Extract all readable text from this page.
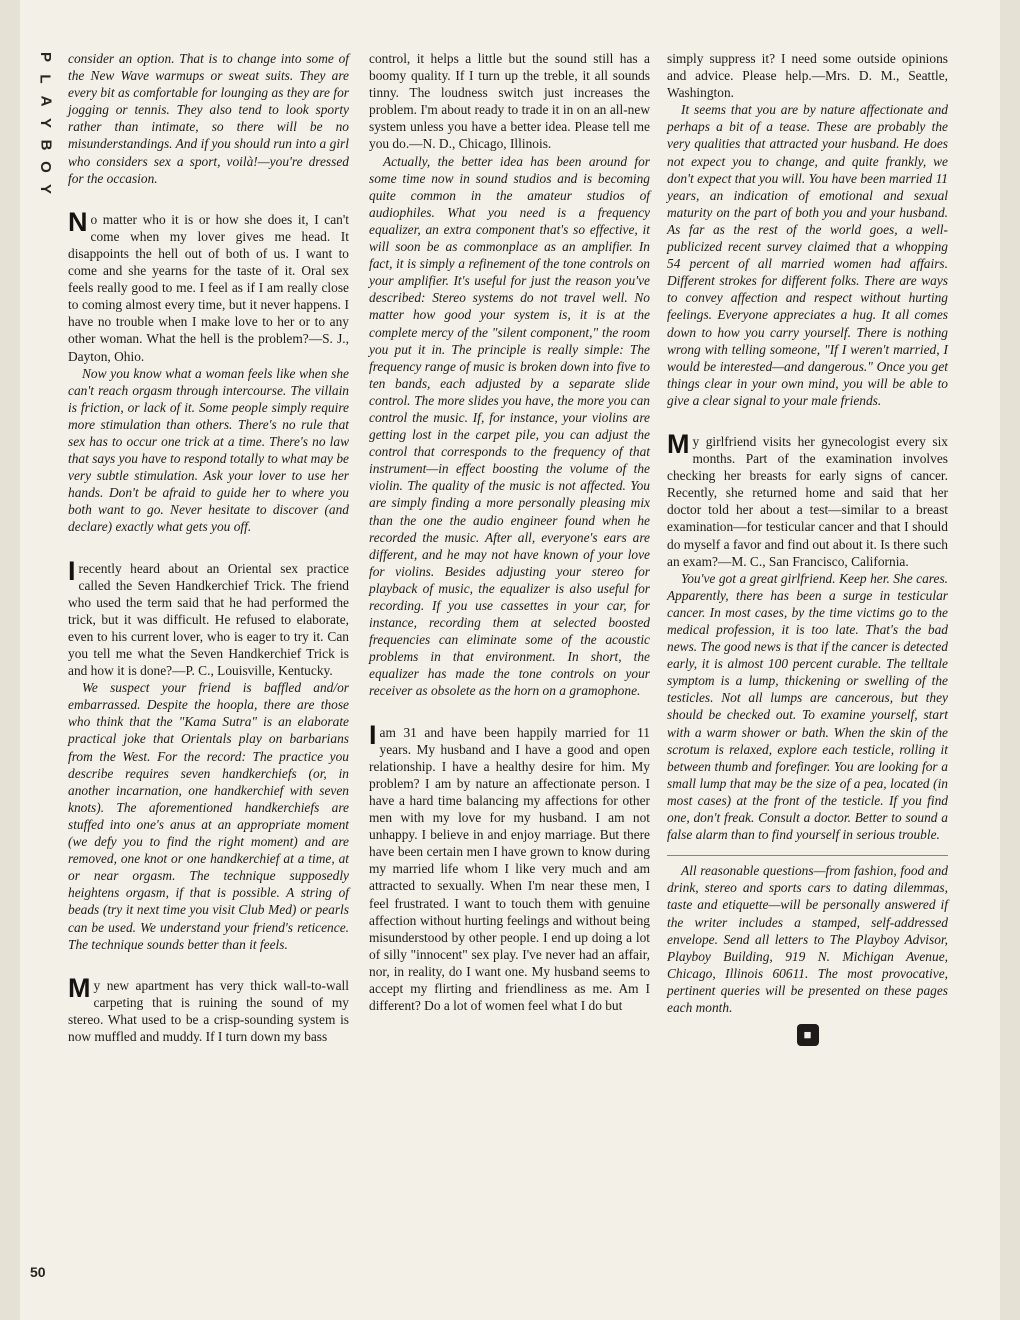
P
L
A
Y
B
O
Y
50

consider an option. That is to change into some of the New Wave warmups or sweat suits. They are every bit as comfortable for lounging as they are for jogging or tennis. They also tend to look sporty rather than intimate, so there will be no misunderstandings. And if you should run into a girl who considers sex a sport, voilà!—you're dressed for the occasion.

No matter who it is or how she does it, I can't come when my lover gives me head. It disappoints the hell out of both of us. I want to come and she yearns for the taste of it. Oral sex feels really good to me. I feel as if I am really close to coming almost every time, but it never happens. I have no trouble when I make love to her or to any other woman. What the hell is the problem?—S. J., Dayton, Ohio.

Now you know what a woman feels like when she can't reach orgasm through intercourse. The villain is friction, or lack of it. Some people simply require more stimulation than others. There's no rule that sex has to occur one trick at a time. There's no law that says you have to respond totally to what may be very subtle stimulation. Ask your lover to use her hands. Don't be afraid to guide her to where you both want to go. Never hesitate to discover (and declare) exactly what gets you off.

I recently heard about an Oriental sex practice called the Seven Handkerchief Trick. The friend who used the term said that he had performed the trick, but it was difficult. He refused to elaborate, even to his current lover, who is eager to try it. Can you tell me what the Seven Handkerchief Trick is and how it is done?—P. C., Louisville, Kentucky.

We suspect your friend is baffled and/or embarrassed. Despite the hoopla, there are those who think that the "Kama Sutra" is an elaborate practical joke that Orientals play on barbarians from the West. For the record: The practice you describe requires seven handkerchiefs (or, in another incarnation, one handkerchief with seven knots). The aforementioned handkerchiefs are stuffed into one's anus at an appropriate moment (we defy you to find the right moment) and are removed, one knot or one handkerchief at a time, at or near orgasm. The technique supposedly heightens orgasm, if that is possible. A string of beads (try it next time you visit Club Med) or pearls can be used. We understand your friend's reticence. The technique sounds better than it feels.

My new apartment has very thick wall-to-wall carpeting that is ruining the sound of my stereo. What used to be a crisp-sounding system is now muffled and muddy. If I turn down my bass

control, it helps a little but the sound still has a boomy quality. If I turn up the treble, it all sounds tinny. The loudness switch just increases the problem. I'm about ready to trade it in on an all-new system unless you have a better idea. Please tell me you do.—N. D., Chicago, Illinois.

Actually, the better idea has been around for some time now in sound studios and is becoming quite common in the amateur studios of audiophiles. What you need is a frequency equalizer, an extra component that's so effective, it will soon be as commonplace as an amplifier. In fact, it is simply a refinement of the tone controls on your amplifier. It's useful for just the reason you've described: Stereo systems do not travel well. No matter how good your system is, it is at the complete mercy of the "silent component," the room you put it in. The principle is really simple: The frequency range of music is broken down into five to ten bands, each adjusted by a separate slide control. The more slides you have, the more you can control the music. If, for instance, your violins are getting lost in the carpet pile, you can adjust the control that corresponds to the frequency of that instrument—in effect boosting the volume of the violin. The quality of the music is not affected. You are simply finding a more personally pleasing mix than the one the audio engineer found when he recorded the music. After all, everyone's ears are different, and he may not have known of your love for violins. Besides adjusting your stereo for playback of music, the equalizer is also useful for recording. If you use cassettes in your car, for instance, recording them at selected boosted frequencies can eliminate some of the acoustic problems in that environment. In short, the equalizer has made the tone controls on your receiver as obsolete as the horn on a gramophone.

I am 31 and have been happily married for 11 years. My husband and I have a good and open relationship. I have a healthy desire for him. My problem? I am by nature an affectionate person. I have a hard time balancing my affections for other men with my love for my husband. I am not unhappy. I believe in and enjoy marriage. But there have been certain men I have grown to know during my married life whom I like very much and am attracted to sexually. When I'm near these men, I feel frustrated. I want to touch them with genuine affection without hurting feelings and without being misunderstood by other people. I end up doing a lot of silly "innocent" sex play. I've never had an affair, nor, in reality, do I want one. My husband seems to accept my flirting and friendliness as me. Am I different? Do a lot of women feel what I do but

simply suppress it? I need some outside opinions and advice. Please help.—Mrs. D. M., Seattle, Washington.

It seems that you are by nature affectionate and perhaps a bit of a tease. These are probably the very qualities that attracted your husband. He does not expect you to change, and quite frankly, we don't expect that you will. You have been married 11 years, an indication of emotional and sexual maturity on the part of both you and your husband. As far as the rest of the world goes, a well-publicized recent survey claimed that a whopping 54 percent of all married women had affairs. Different strokes for different folks. There are ways to convey affection and respect without hurting feelings. Everyone appreciates a hug. It all comes down to how you carry yourself. There is nothing wrong with telling someone, "If I weren't married, I would be interested—and dangerous." Once you get things clear in your own mind, you will be able to give a clear signal to your male friends.

My girlfriend visits her gynecologist every six months. Part of the examination involves checking her breasts for early signs of cancer. Recently, she returned home and said that her doctor told her about a test—similar to a breast examination—for testicular cancer and that I should do myself a favor and find out about it. Is there such an exam?—M. C., San Francisco, California.

You've got a great girlfriend. Keep her. She cares. Apparently, there has been a surge in testicular cancer. In most cases, by the time victims go to the medical profession, it is too late. That's the bad news. The good news is that if the cancer is detected early, it is almost 100 percent curable. The telltale symptom is a lump, thickening or swelling of the testicles. Not all lumps are cancerous, but they should be checked out. To examine yourself, start with a warm shower or bath. When the skin of the scrotum is relaxed, explore each testicle, rolling it between thumb and forefinger. You are looking for a small lump that may be the size of a pea, located (in most cases) at the front of the testicle. If you find one, don't freak. Consult a doctor. Better to sound a false alarm than to find yourself in serious trouble.

All reasonable questions—from fashion, food and drink, stereo and sports cars to dating dilemmas, taste and etiquette—will be personally answered if the writer includes a stamped, self-addressed envelope. Send all letters to The Playboy Advisor, Playboy Building, 919 N. Michigan Avenue, Chicago, Illinois 60611. The most provocative, pertinent queries will be presented on these pages each month.

■
